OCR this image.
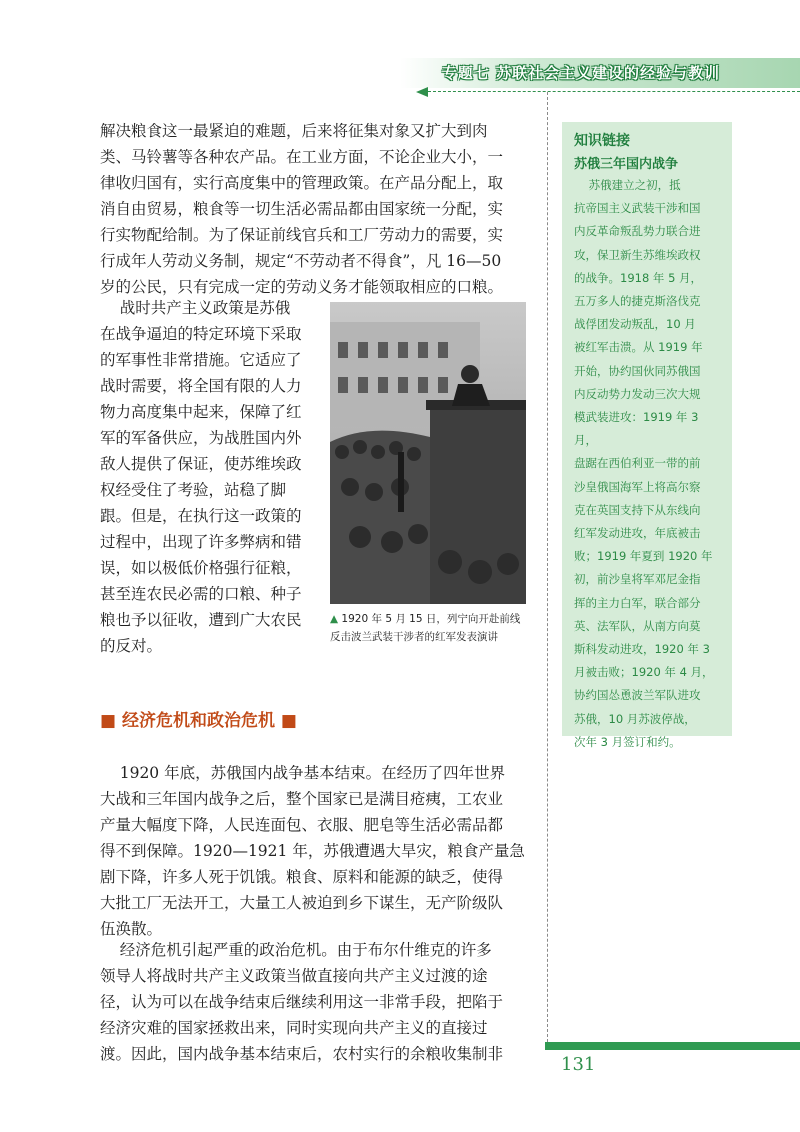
专题七 苏联社会主义建设的经验与教训

解决粮食这一最紧迫的难题，后来将征集对象又扩大到肉
类、马铃薯等各种农产品。在工业方面，不论企业大小，一
律收归国有，实行高度集中的管理政策。在产品分配上，取
消自由贸易，粮食等一切生活必需品都由国家统一分配，实
行实物配给制。为了保证前线官兵和工厂劳动力的需要，实
行成年人劳动义务制，规定“不劳动者不得食”，凡 16—50
岁的公民，只有完成一定的劳动义务才能领取相应的口粮。

战时共产主义政策是苏俄
在战争逼迫的特定环境下采取
的军事性非常措施。它适应了
战时需要，将全国有限的人力
物力高度集中起来，保障了红
军的军备供应，为战胜国内外
敌人提供了保证，使苏维埃政
权经受住了考验，站稳了脚
跟。但是，在执行这一政策的
过程中，出现了许多弊病和错
误，如以极低价格强行征粮，
甚至连农民必需的口粮、种子
粮也予以征收，遭到广大农民
的反对。

▲ 1920 年 5 月 15 日，列宁向开赴前线
反击波兰武装干涉者的红军发表演讲
■ 经济危机和政治危机 ■

1920 年底，苏俄国内战争基本结束。在经历了四年世界
大战和三年国内战争之后，整个国家已是满目疮痍，工农业
产量大幅度下降，人民连面包、衣服、肥皂等生活必需品都
得不到保障。1920—1921 年，苏俄遭遇大旱灾，粮食产量急
剧下降，许多人死于饥饿。粮食、原料和能源的缺乏，使得
大批工厂无法开工，大量工人被迫到乡下谋生，无产阶级队
伍涣散。

经济危机引起严重的政治危机。由于布尔什维克的许多
领导人将战时共产主义政策当做直接向共产主义过渡的途
径，认为可以在战争结束后继续利用这一非常手段，把陷于
经济灾难的国家拯救出来，同时实现向共产主义的直接过
渡。因此，国内战争基本结束后，农村实行的余粮收集制非

知识链接
苏俄三年国内战争

苏俄建立之初，抵
抗帝国主义武装干涉和国
内反革命叛乱势力联合进
攻，保卫新生苏维埃政权
的战争。1918 年 5 月，
五万多人的捷克斯洛伐克
战俘团发动叛乱，10 月
被红军击溃。从 1919 年
开始，协约国伙同苏俄国
内反动势力发动三次大规
模武装进攻：1919 年 3 月，
盘踞在西伯利亚一带的前
沙皇俄国海军上将高尔察
克在英国支持下从东线向
红军发动进攻，年底被击
败；1919 年夏到 1920 年
初，前沙皇将军邓尼金指
挥的主力白军，联合部分
英、法军队，从南方向莫
斯科发动进攻，1920 年 3
月被击败；1920 年 4 月，
协约国怂恿波兰军队进攻
苏俄，10 月苏波停战，
次年 3 月签订和约。

131
